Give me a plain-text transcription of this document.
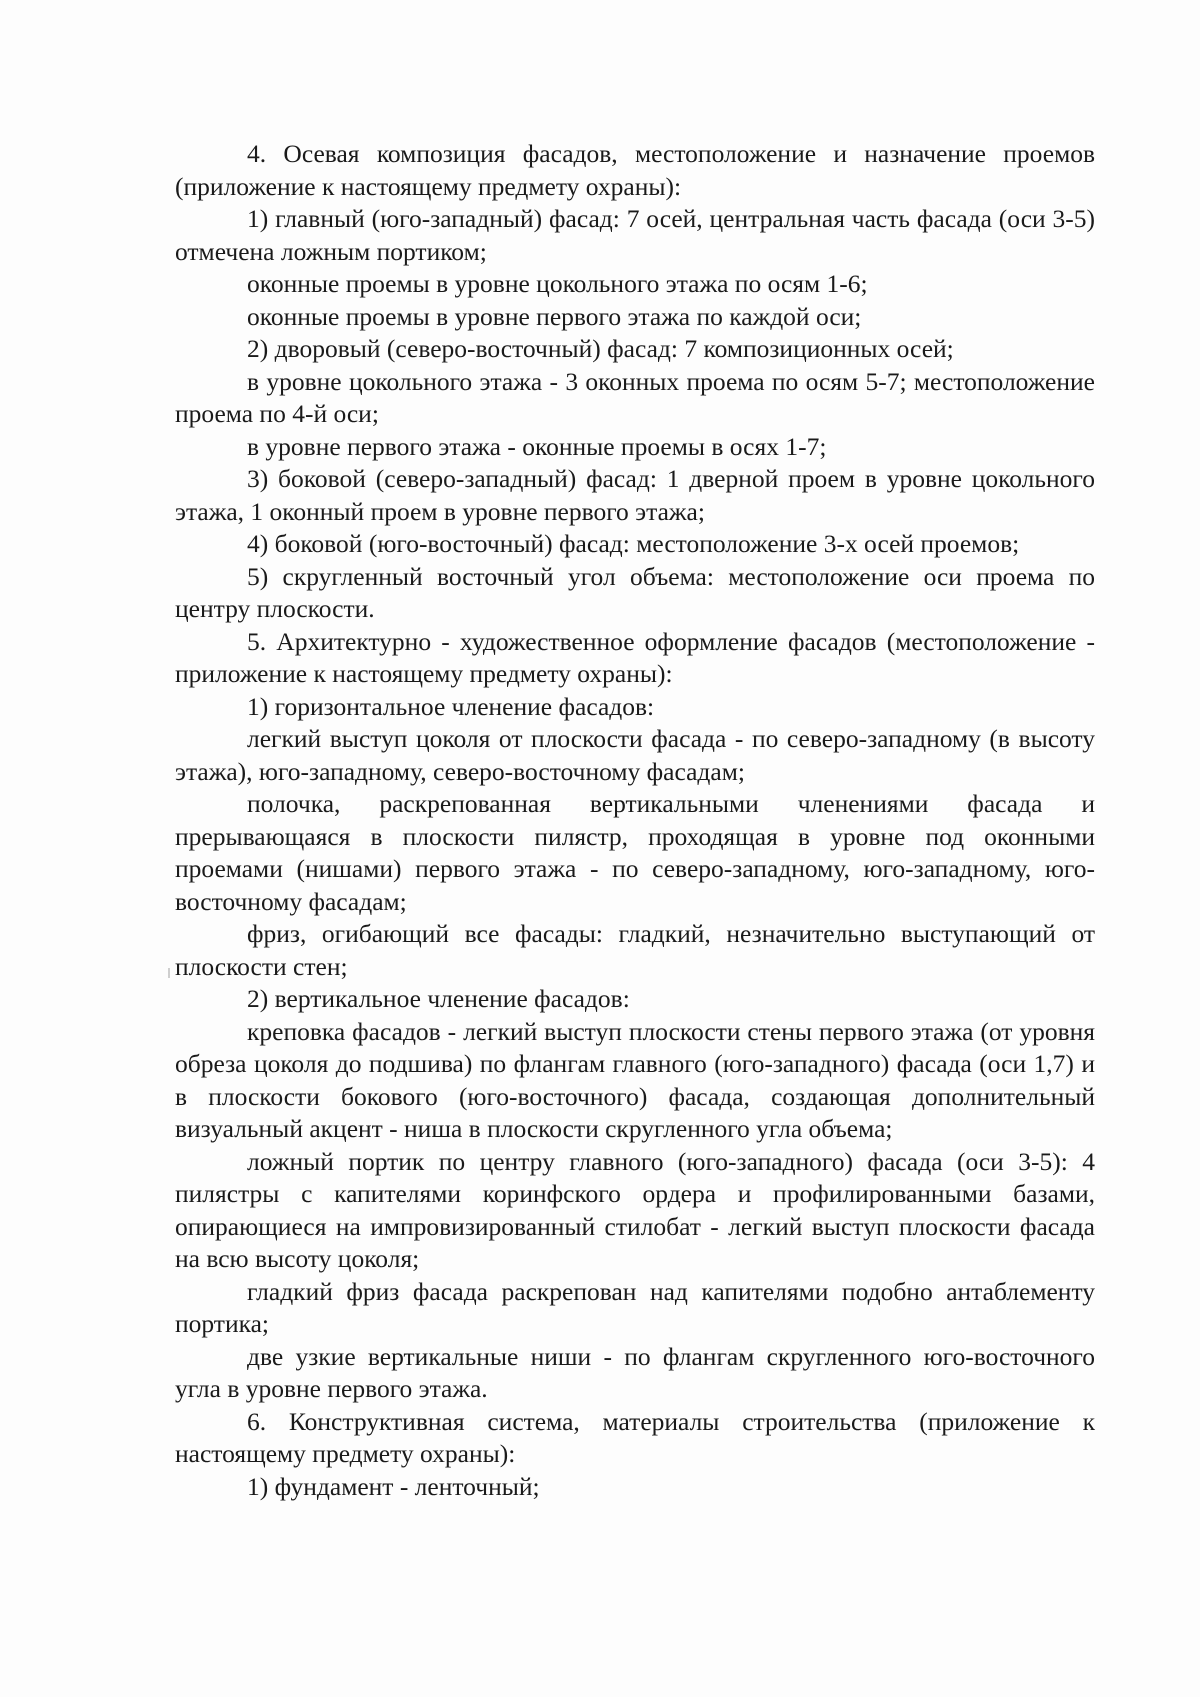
4. Осевая композиция фасадов, местоположение и назначение проемов (приложение к настоящему предмету охраны):

1) главный (юго-западный) фасад: 7 осей, центральная часть фасада (оси 3-5) отмечена ложным портиком;

оконные проемы в уровне цокольного этажа по осям 1-6;

оконные проемы в уровне первого этажа по каждой оси;

2) дворовый (северо-восточный) фасад: 7 композиционных осей;

в уровне цокольного этажа - 3 оконных проема по осям 5-7; местоположение проема по 4-й оси;

в уровне первого этажа - оконные проемы в осях 1-7;

3) боковой (северо-западный) фасад: 1 дверной проем в уровне цокольного этажа, 1 оконный проем в уровне первого этажа;

4) боковой (юго-восточный) фасад: местоположение 3-х осей проемов;

5) скругленный восточный угол объема: местоположение оси проема по центру плоскости.

5. Архитектурно - художественное оформление фасадов (местоположение - приложение к настоящему предмету охраны):

1) горизонтальное членение фасадов:

легкий выступ цоколя от плоскости фасада - по северо-западному (в высоту этажа), юго-западному, северо-восточному фасадам;

полочка, раскрепованная вертикальными членениями фасада и прерывающаяся в плоскости пилястр, проходящая в уровне под оконными проемами (нишами) первого этажа - по северо-западному, юго-западному, юго-восточному фасадам;

фриз, огибающий все фасады: гладкий, незначительно выступающий от плоскости стен;

2) вертикальное членение фасадов:

креповка фасадов - легкий выступ плоскости стены первого этажа (от уровня обреза цоколя до подшива) по флангам главного (юго-западного) фасада (оси 1,7) и в плоскости бокового (юго-восточного) фасада, создающая дополнительный визуальный акцент - ниша в плоскости скругленного угла объема;

ложный портик по центру главного (юго-западного) фасада (оси 3-5): 4 пилястры с капителями коринфского ордера и профилированными базами, опирающиеся на импровизированный стилобат - легкий выступ плоскости фасада на всю высоту цоколя;

гладкий фриз фасада раскрепован над капителями подобно антаблементу портика;

две узкие вертикальные ниши - по флангам скругленного юго-восточного угла в уровне первого этажа.

6. Конструктивная система, материалы строительства (приложение к настоящему предмету охраны):

1) фундамент - ленточный;
